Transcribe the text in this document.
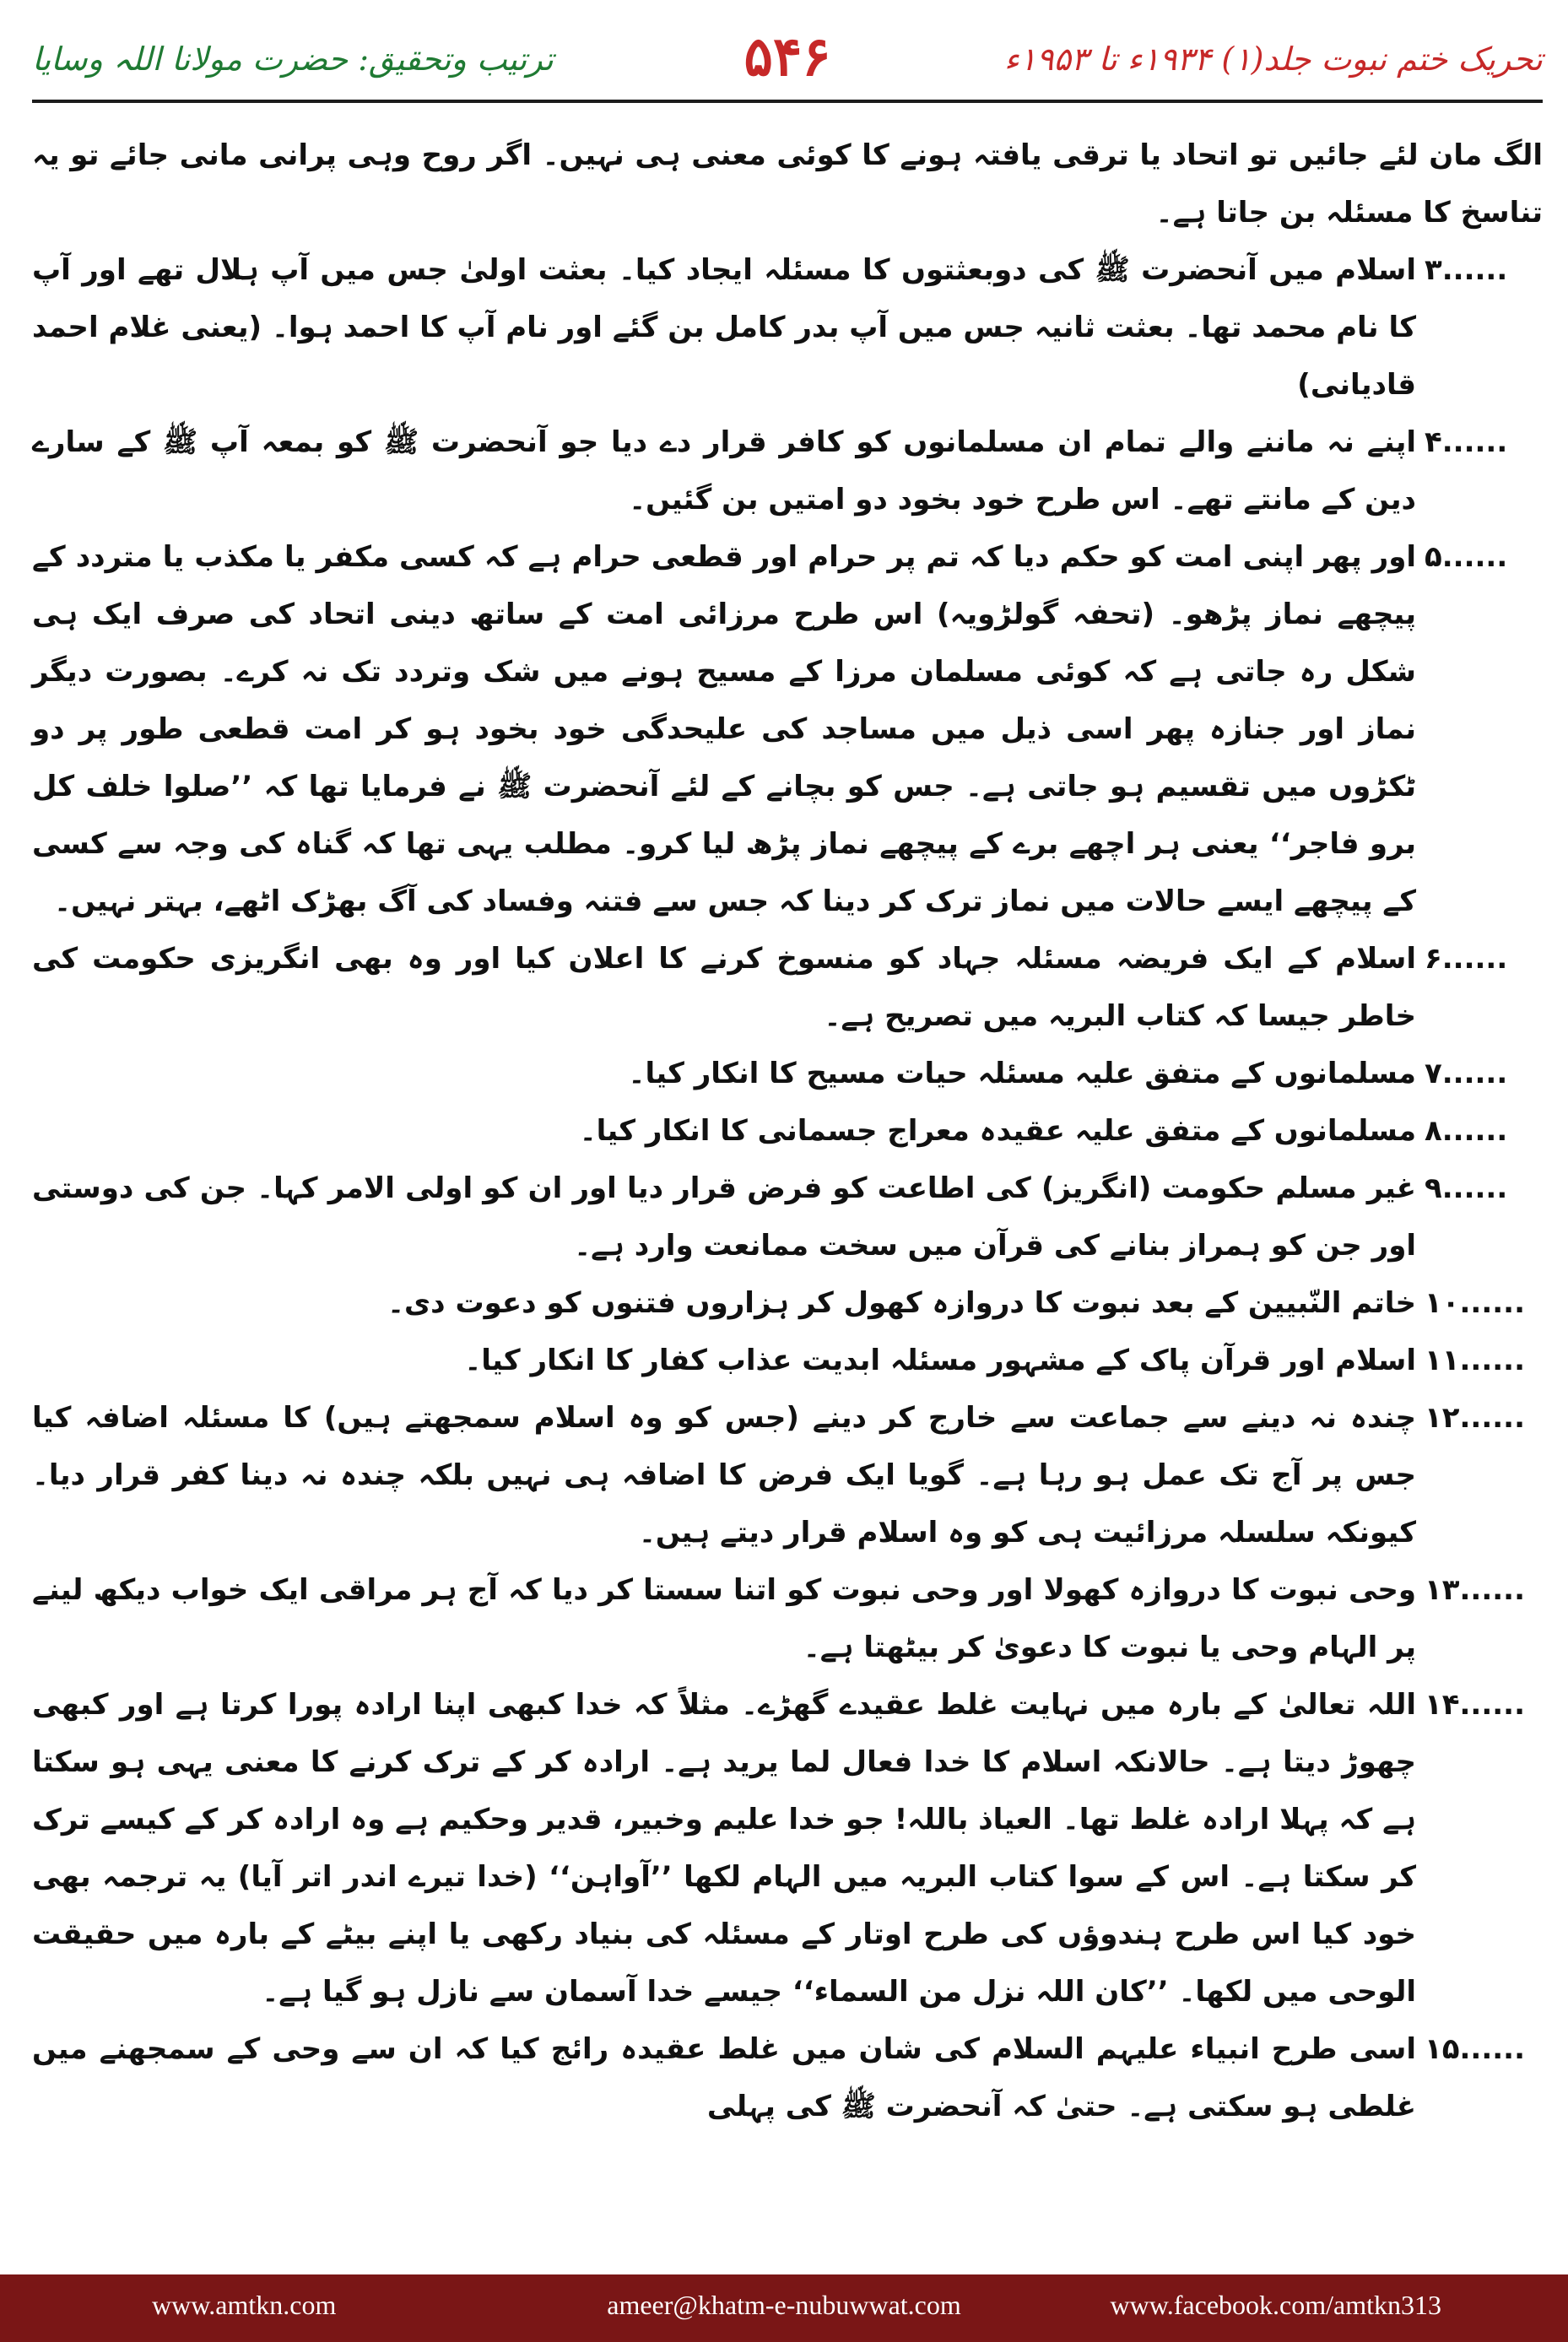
ترتیب وتحقیق: حضرت مولانا اللہ وسایا	۵۴۶	تحریک ختم نبوت جلد(۱) ۱۹۳۴ء تا ۱۹۵۳ء
الگ مان لئے جائیں تو اتحاد یا ترقی یافتہ ہونے کا کوئی معنی ہی نہیں۔ اگر روح وہی پرانی مانی جائے تو یہ تناسخ کا مسئلہ بن جاتا ہے۔
۳......
اسلام میں آنحضرت ﷺ کی دوبعثتوں کا مسئلہ ایجاد کیا۔ بعثت اولیٰ جس میں آپ ہلال تھے اور آپ کا نام محمد تھا۔ بعثت ثانیہ جس میں آپ بدر کامل بن گئے اور نام آپ کا احمد ہوا۔ (یعنی غلام احمد قادیانی)
۴......
اپنے نہ ماننے والے تمام ان مسلمانوں کو کافر قرار دے دیا جو آنحضرت ﷺ کو بمعہ آپ ﷺ کے سارے دین کے مانتے تھے۔ اس طرح خود بخود دو امتیں بن گئیں۔
۵......
اور پھر اپنی امت کو حکم دیا کہ تم پر حرام اور قطعی حرام ہے کہ کسی مکفر یا مکذب یا متردد کے پیچھے نماز پڑھو۔ (تحفہ گولڑویہ) اس طرح مرزائی امت کے ساتھ دینی اتحاد کی صرف ایک ہی شکل رہ جاتی ہے کہ کوئی مسلمان مرزا کے مسیح ہونے میں شک وتردد تک نہ کرے۔ بصورت دیگر نماز اور جنازہ پھر اسی ذیل میں مساجد کی علیحدگی خود بخود ہو کر امت قطعی طور پر دو ٹکڑوں میں تقسیم ہو جاتی ہے۔ جس کو بچانے کے لئے آنحضرت ﷺ نے فرمایا تھا کہ ’’صلوا خلف کل برو فاجر‘‘ یعنی ہر اچھے برے کے پیچھے نماز پڑھ لیا کرو۔ مطلب یہی تھا کہ گناہ کی وجہ سے کسی کے پیچھے ایسے حالات میں نماز ترک کر دینا کہ جس سے فتنہ وفساد کی آگ بھڑک اٹھے، بہتر نہیں۔
۶......
اسلام کے ایک فریضہ مسئلہ جہاد کو منسوخ کرنے کا اعلان کیا اور وہ بھی انگریزی حکومت کی خاطر جیسا کہ کتاب البریہ میں تصریح ہے۔
۷......
مسلمانوں کے متفق علیہ مسئلہ حیات مسیح کا انکار کیا۔
۸......
مسلمانوں کے متفق علیہ عقیدہ معراج جسمانی کا انکار کیا۔
۹......
غیر مسلم حکومت (انگریز) کی اطاعت کو فرض قرار دیا اور ان کو اولی الامر کہا۔ جن کی دوستی اور جن کو ہمراز بنانے کی قرآن میں سخت ممانعت وارد ہے۔
۱۰......
خاتم النّبیین کے بعد نبوت کا دروازہ کھول کر ہزاروں فتنوں کو دعوت دی۔
۱۱......
اسلام اور قرآن پاک کے مشہور مسئلہ ابدیت عذاب کفار کا انکار کیا۔
۱۲......
چندہ نہ دینے سے جماعت سے خارج کر دینے (جس کو وہ اسلام سمجھتے ہیں) کا مسئلہ اضافہ کیا جس پر آج تک عمل ہو رہا ہے۔ گویا ایک فرض کا اضافہ ہی نہیں بلکہ چندہ نہ دینا کفر قرار دیا۔ کیونکہ سلسلہ مرزائیت ہی کو وہ اسلام قرار دیتے ہیں۔
۱۳......
وحی نبوت کا دروازہ کھولا اور وحی نبوت کو اتنا سستا کر دیا کہ آج ہر مراقی ایک خواب دیکھ لینے پر الہام وحی یا نبوت کا دعویٰ کر بیٹھتا ہے۔
۱۴......
اللہ تعالیٰ کے بارہ میں نہایت غلط عقیدے گھڑے۔ مثلاً کہ خدا کبھی اپنا ارادہ پورا کرتا ہے اور کبھی چھوڑ دیتا ہے۔ حالانکہ اسلام کا خدا فعال لما یرید ہے۔ ارادہ کر کے ترک کرنے کا معنی یہی ہو سکتا ہے کہ پہلا ارادہ غلط تھا۔ العیاذ باللہ! جو خدا علیم وخبیر، قدیر وحکیم ہے وہ ارادہ کر کے کیسے ترک کر سکتا ہے۔ اس کے سوا کتاب البریہ میں الہام لکھا ’’آواہن‘‘ (خدا تیرے اندر اتر آیا) یہ ترجمہ بھی خود کیا اس طرح ہندوؤں کی طرح اوتار کے مسئلہ کی بنیاد رکھی یا اپنے بیٹے کے بارہ میں حقیقت الوحی میں لکھا۔ ’’کان اللہ نزل من السماء‘‘ جیسے خدا آسمان سے نازل ہو گیا ہے۔
۱۵......
اسی طرح انبیاء علیہم السلام کی شان میں غلط عقیدہ رائج کیا کہ ان سے وحی کے سمجھنے میں غلطی ہو سکتی ہے۔ حتیٰ کہ آنحضرت ﷺ کی پہلی
www.amtkn.com	ameer@khatm-e-nubuwwat.com	www.facebook.com/amtkn313
